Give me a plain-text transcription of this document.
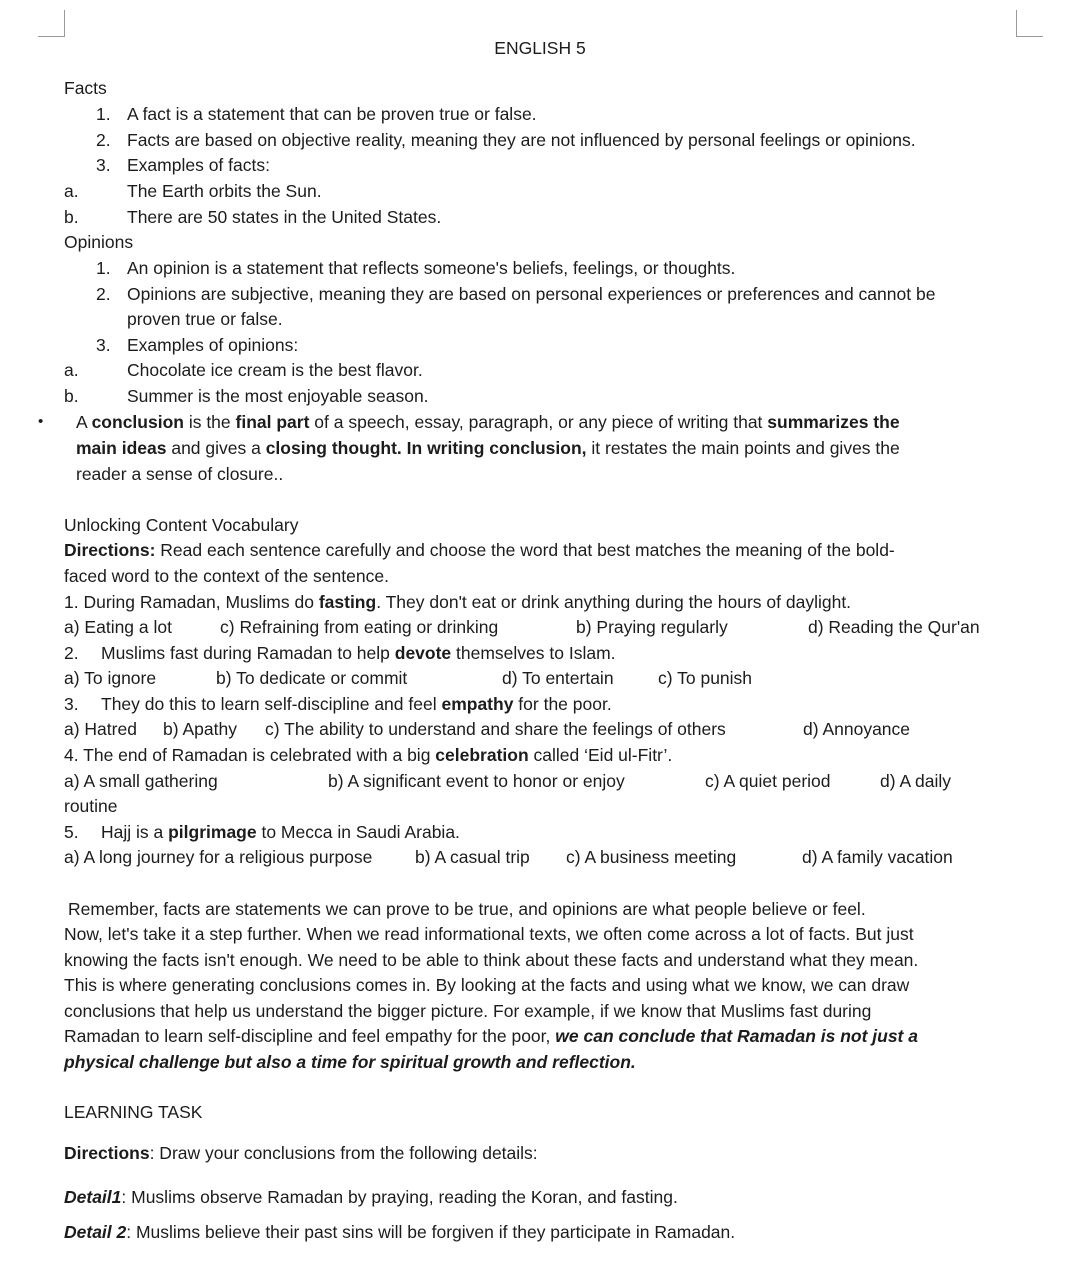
ENGLISH 5
Facts
1. A fact is a statement that can be proven true or false.
2. Facts are based on objective reality, meaning they are not influenced by personal feelings or opinions.
3. Examples of facts:
a.	The Earth orbits the Sun.
b.	There are 50 states in the United States.
Opinions
1. An opinion is a statement that reflects someone's beliefs, feelings, or thoughts.
2. Opinions are subjective, meaning they are based on personal experiences or preferences and cannot be
proven true or false.
3. Examples of opinions:
a.	Chocolate ice cream is the best flavor.
b.	Summer is the most enjoyable season.
• A conclusion is the final part of a speech, essay, paragraph, or any piece of writing that summarizes the
main ideas and gives a closing thought. In writing conclusion, it restates the main points and gives the
reader a sense of closure..
Unlocking Content Vocabulary
Directions: Read each sentence carefully and choose the word that best matches the meaning of the bold-
faced word to the context of the sentence.
1. During Ramadan, Muslims do fasting. They don't eat or drink anything during the hours of daylight.
a) Eating a lot	c) Refraining from eating or drinking	b) Praying regularly	d) Reading the Qur'an
2. Muslims fast during Ramadan to help devote themselves to Islam.
a) To ignore	b) To dedicate or commit	d) To entertain	c) To punish
3. They do this to learn self-discipline and feel empathy for the poor.
a) Hatred b) Apathy c) The ability to understand and share the feelings of others	d) Annoyance
4. The end of Ramadan is celebrated with a big celebration called ‘Eid ul-Fitr’.
a) A small gathering	b) A significant event to honor or enjoy	c) A quiet period	d) A daily
routine
5. Hajj is a pilgrimage to Mecca in Saudi Arabia.
a) A long journey for a religious purpose b) A casual trip c) A business meeting	d) A family vacation
Remember, facts are statements we can prove to be true, and opinions are what people believe or feel.
Now, let's take it a step further. When we read informational texts, we often come across a lot of facts. But just
knowing the facts isn't enough. We need to be able to think about these facts and understand what they mean.
This is where generating conclusions comes in. By looking at the facts and using what we know, we can draw
conclusions that help us understand the bigger picture. For example, if we know that Muslims fast during
Ramadan to learn self-discipline and feel empathy for the poor, we can conclude that Ramadan is not just a
physical challenge but also a time for spiritual growth and reflection.
LEARNING TASK
Directions: Draw your conclusions from the following details:
Detail1: Muslims observe Ramadan by praying, reading the Koran, and fasting.
Detail 2: Muslims believe their past sins will be forgiven if they participate in Ramadan.
